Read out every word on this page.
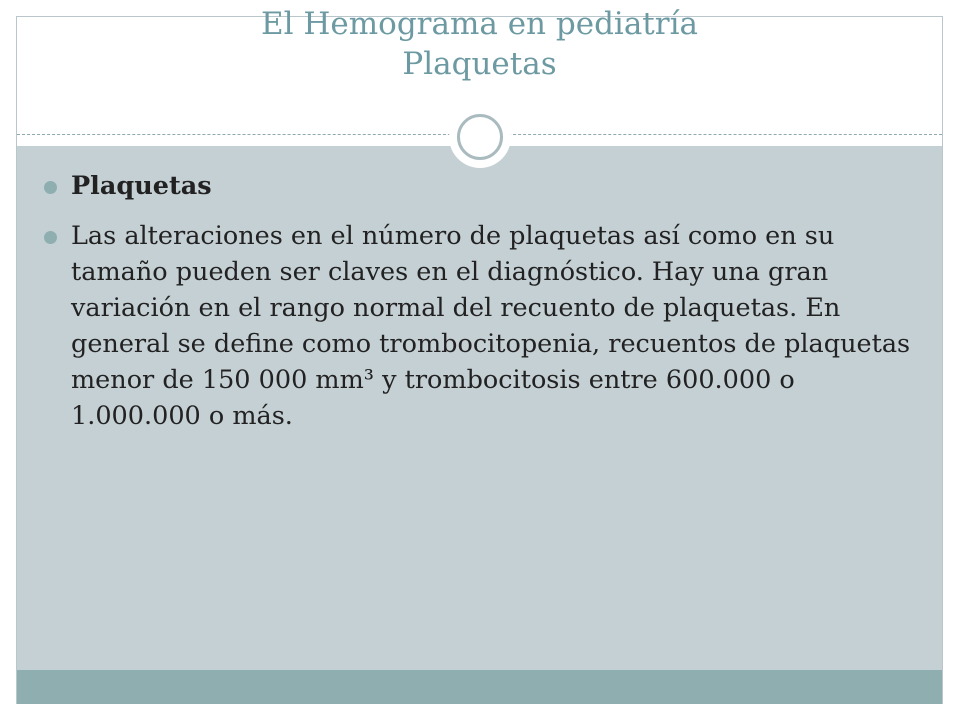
El Hemograma en pediatría
Plaquetas
Plaquetas
Las alteraciones en el número de plaquetas así como en su tamaño pueden ser claves en el diagnóstico. Hay una gran variación en el rango normal del recuento de plaquetas. En general se define como trombocitopenia, recuentos de plaquetas menor de 150 000 mm³ y trombocitosis entre 600.000 o 1.000.000 o más.
